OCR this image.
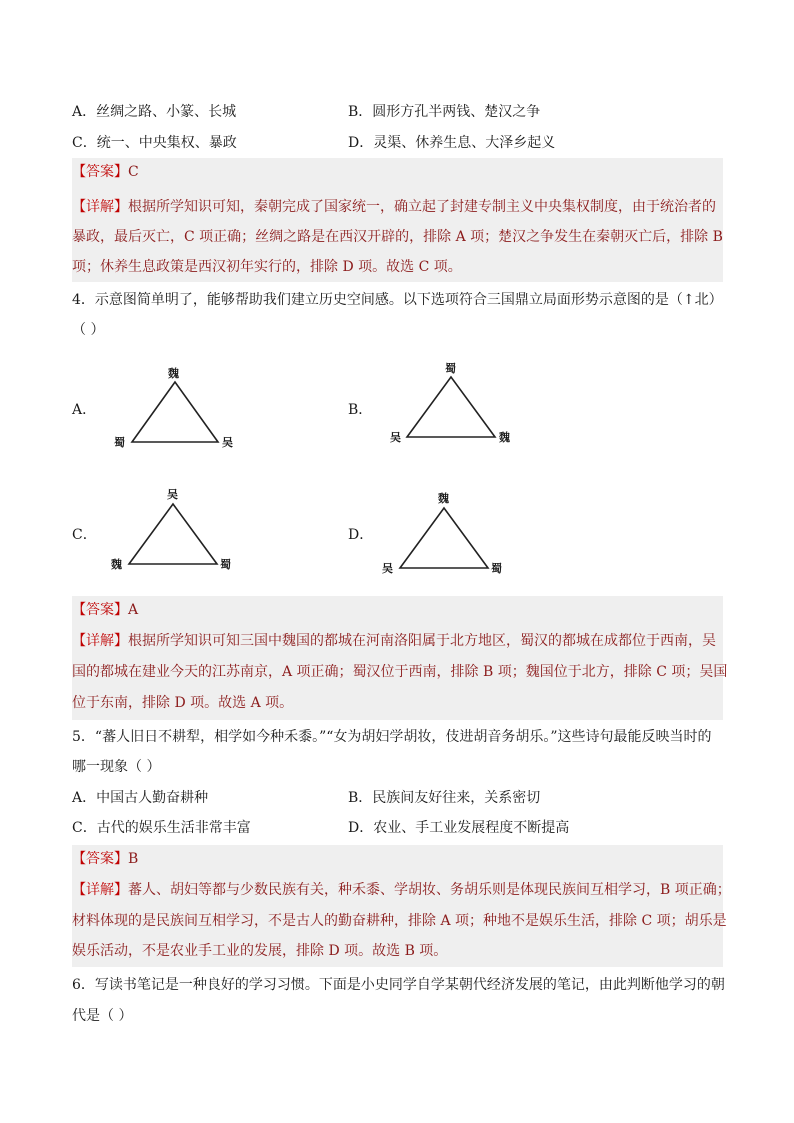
A．丝绸之路、小篆、长城	B．圆形方孔半两钱、楚汉之争
C．统一、中央集权、暴政	D．灵渠、休养生息、大泽乡起义
【答案】C
【详解】根据所学知识可知，秦朝完成了国家统一，确立起了封建专制主义中央集权制度，由于统治者的
暴政，最后灭亡，C 项正确；丝绸之路是在西汉开辟的，排除 A 项；楚汉之争发生在秦朝灭亡后，排除 B
项；休养生息政策是西汉初年实行的，排除 D 项。故选 C 项。
4．示意图简单明了，能够帮助我们建立历史空间感。以下选项符合三国鼎立局面形势示意图的是（↑北）
（ ）
A．
魏
蜀	吴
B．
蜀
吴	魏
C．
吴
魏	蜀
D．
魏
吴	蜀
【答案】A
【详解】根据所学知识可知三国中魏国的都城在河南洛阳属于北方地区，蜀汉的都城在成都位于西南，吴
国的都城在建业今天的江苏南京，A 项正确；蜀汉位于西南，排除 B 项；魏国位于北方，排除 C 项；吴国
位于东南，排除 D 项。故选 A 项。
5．“蕃人旧日不耕犁，相学如今种禾黍。”“女为胡妇学胡妆，伎进胡音务胡乐。”这些诗句最能反映当时的
哪一现象（ ）
A．中国古人勤奋耕种	B．民族间友好往来，关系密切
C．古代的娱乐生活非常丰富	D．农业、手工业发展程度不断提高
【答案】B
【详解】蕃人、胡妇等都与少数民族有关，种禾黍、学胡妆、务胡乐则是体现民族间互相学习，B 项正确；
材料体现的是民族间互相学习，不是古人的勤奋耕种，排除 A 项；种地不是娱乐生活，排除 C 项；胡乐是
娱乐活动，不是农业手工业的发展，排除 D 项。故选 B 项。
6．写读书笔记是一种良好的学习习惯。下面是小史同学自学某朝代经济发展的笔记，由此判断他学习的朝
代是（ ）
